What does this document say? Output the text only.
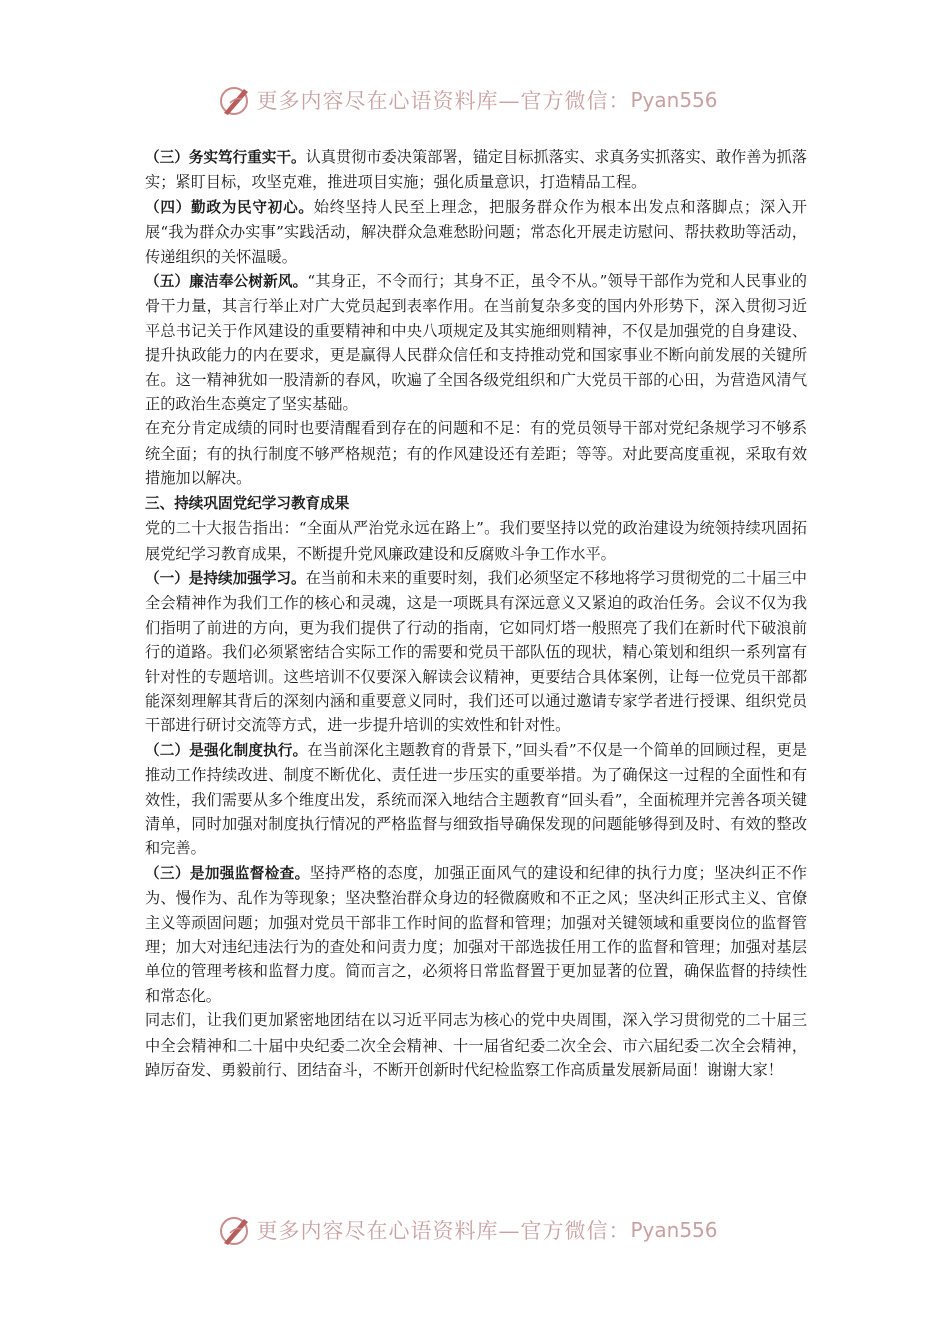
更多内容尽在心语资料库—官方微信： Pyan556

（三）务实笃行重实干。认真贯彻市委决策部署，锚定目标抓落实、求真务实抓落实、敢作善为抓落实；紧盯目标，攻坚克难，推进项目实施；强化质量意识，打造精品工程。

（四）勤政为民守初心。始终坚持人民至上理念，把服务群众作为根本出发点和落脚点；深入开展“我为群众办实事”实践活动，解决群众急难愁盼问题；常态化开展走访慰问、帮扶救助等活动，传递组织的关怀温暖。

（五）廉洁奉公树新风。“其身正，不令而行；其身不正，虽令不从。”领导干部作为党和人民事业的骨干力量，其言行举止对广大党员起到表率作用。在当前复杂多变的国内外形势下，深入贯彻习近平总书记关于作风建设的重要精神和中央八项规定及其实施细则精神，不仅是加强党的自身建设、提升执政能力的内在要求，更是赢得人民群众信任和支持推动党和国家事业不断向前发展的关键所在。这一精神犹如一股清新的春风，吹遍了全国各级党组织和广大党员干部的心田，为营造风清气正的政治生态奠定了坚实基础。

在充分肯定成绩的同时也要清醒看到存在的问题和不足：有的党员领导干部对党纪条规学习不够系统全面；有的执行制度不够严格规范；有的作风建设还有差距；等等。对此要高度重视，采取有效措施加以解决。

三、持续巩固党纪学习教育成果

党的二十大报告指出：“全面从严治党永远在路上”。我们要坚持以党的政治建设为统领持续巩固拓展党纪学习教育成果，不断提升党风廉政建设和反腐败斗争工作水平。

（一）是持续加强学习。在当前和未来的重要时刻，我们必须坚定不移地将学习贯彻党的二十届三中全会精神作为我们工作的核心和灵魂，这是一项既具有深远意义又紧迫的政治任务。会议不仅为我们指明了前进的方向，更为我们提供了行动的指南，它如同灯塔一般照亮了我们在新时代下破浪前行的道路。我们必须紧密结合实际工作的需要和党员干部队伍的现状，精心策划和组织一系列富有针对性的专题培训。这些培训不仅要深入解读会议精神，更要结合具体案例，让每一位党员干部都能深刻理解其背后的深刻内涵和重要意义同时，我们还可以通过邀请专家学者进行授课、组织党员干部进行研讨交流等方式，进一步提升培训的实效性和针对性。

（二）是强化制度执行。在当前深化主题教育的背景下，”回头看”不仅是一个简单的回顾过程，更是推动工作持续改进、制度不断优化、责任进一步压实的重要举措。为了确保这一过程的全面性和有效性，我们需要从多个维度出发，系统而深入地结合主题教育“回头看”，全面梳理并完善各项关键清单，同时加强对制度执行情况的严格监督与细致指导确保发现的问题能够得到及时、有效的整改和完善。

（三）是加强监督检查。坚持严格的态度，加强正面风气的建设和纪律的执行力度；坚决纠正不作为、慢作为、乱作为等现象；坚决整治群众身边的轻微腐败和不正之风；坚决纠正形式主义、官僚主义等顽固问题；加强对党员干部非工作时间的监督和管理；加强对关键领域和重要岗位的监督管理；加大对违纪违法行为的查处和问责力度；加强对干部选拔任用工作的监督和管理；加强对基层单位的管理考核和监督力度。简而言之，必须将日常监督置于更加显著的位置，确保监督的持续性和常态化。

同志们，让我们更加紧密地团结在以习近平同志为核心的党中央周围，深入学习贯彻党的二十届三中全会精神和二十届中央纪委二次全会精神、十一届省纪委二次全会、市六届纪委二次全会精神，踔厉奋发、勇毅前行、团结奋斗，不断开创新时代纪检监察工作高质量发展新局面！谢谢大家！

更多内容尽在心语资料库—官方微信： Pyan556
